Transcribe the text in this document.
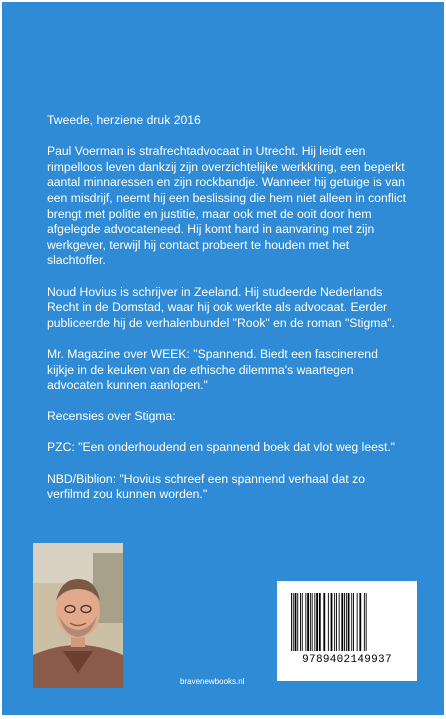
Tweede, herziene druk 2016

Paul Voerman is strafrechtadvocaat in Utrecht. Hij leidt een rimpelloos leven dankzij zijn overzichtelijke werkkring, een beperkt aantal minnaressen en zijn rockbandje. Wanneer hij getuige is van een misdrijf, neemt hij een beslissing die hem niet alleen in conflict brengt met politie en justitie, maar ook met de ooit door hem afgelegde advocateneed. Hij komt hard in aanvaring met zijn werkgever, terwijl hij contact probeert te houden met het slachtoffer.

Noud Hovius is schrijver in Zeeland. Hij studeerde Nederlands Recht in de Domstad, waar hij ook werkte als advocaat. Eerder publiceerde hij de verhalenbundel "Rook" en de roman "Stigma".

Mr. Magazine over WEEK: "Spannend. Biedt een fascinerend kijkje in de keuken van de ethische dilemma's waartegen advocaten kunnen aanlopen."

Recensies over Stigma:

PZC: "Een onderhoudend en spannend boek dat vlot weg leest."

NBD/Biblion: "Hovius schreef een spannend verhaal dat zo verfilmd zou kunnen worden."

9789402149937
bravenewbooks.nl
